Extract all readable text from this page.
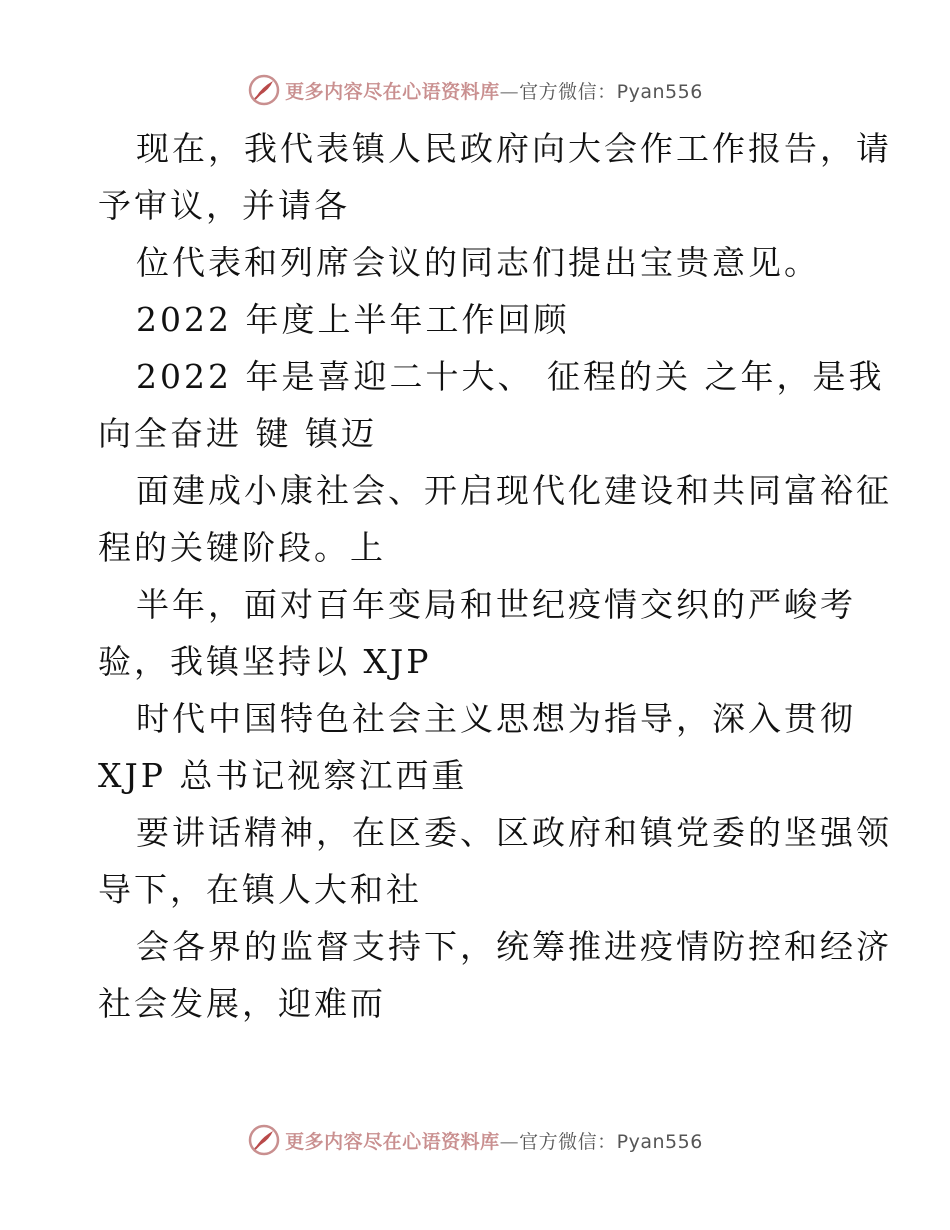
更多内容尽在心语资料库—官方微信：Pyan556
现在，我代表镇人民政府向大会作工作报告，请
予审议，并请各
位代表和列席会议的同志们提出宝贵意见。
2022 年度上半年工作回顾
2022 年是喜迎二十大、 征程的关 之年，是我
向全奋进 键 镇迈
面建成小康社会、开启现代化建设和共同富裕征
程的关键阶段。上
半年，面对百年变局和世纪疫情交织的严峻考
验，我镇坚持以 XJP
时代中国特色社会主义思想为指导，深入贯彻
XJP 总书记视察江西重
要讲话精神，在区委、区政府和镇党委的坚强领
导下，在镇人大和社
会各界的监督支持下，统筹推进疫情防控和经济
社会发展，迎难而
更多内容尽在心语资料库—官方微信：Pyan556
